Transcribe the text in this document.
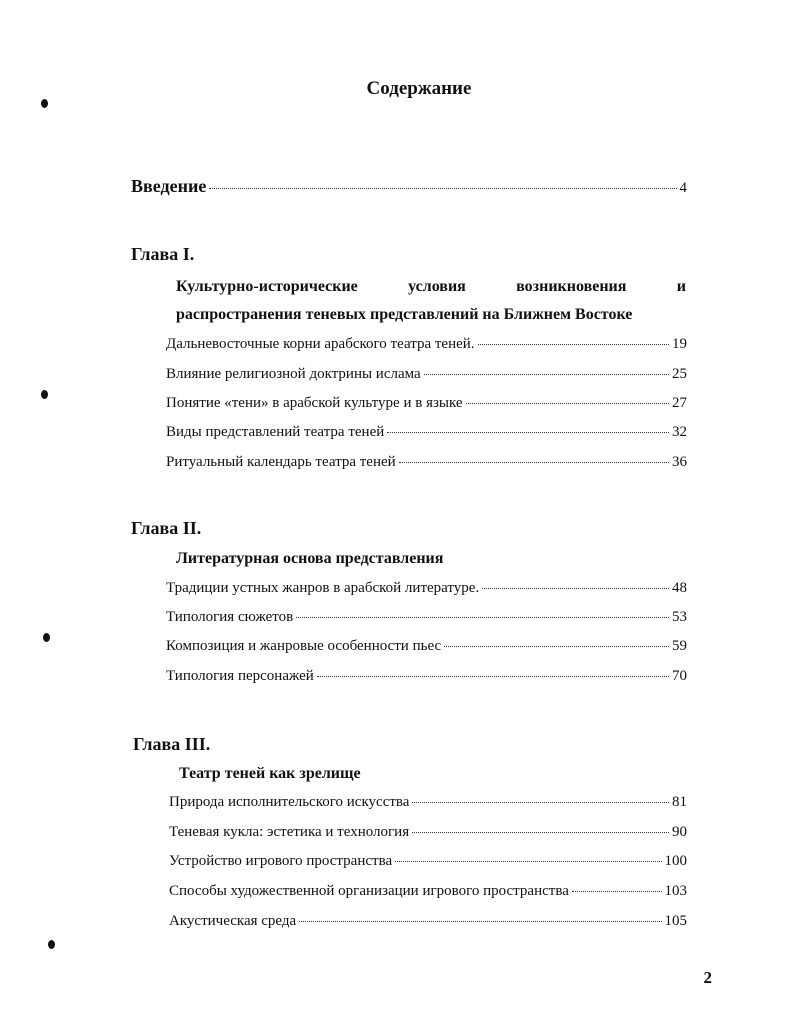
Содержание
Введение	4
Глава I.
Культурно-исторические	условия	возникновения	и
распространения теневых представлений на Ближнем Востоке
Дальневосточные корни арабского театра теней.	19
Влияние религиозной доктрины ислама	25
Понятие «тени» в арабской культуре и в языке	27
Виды представлений театра теней	32
Ритуальный календарь театра теней	36
Глава II.
Литературная основа представления
Традиции устных жанров в арабской литературе.	48
Типология сюжетов	53
Композиция и жанровые особенности пьес	59
Типология персонажей	70
Глава III.
Театр теней как зрелище
Природа исполнительского искусства	81
Теневая кукла: эстетика и технология	90
Устройство игрового пространства	100
Способы художественной организации игрового пространства	103
Акустическая среда	105
2
